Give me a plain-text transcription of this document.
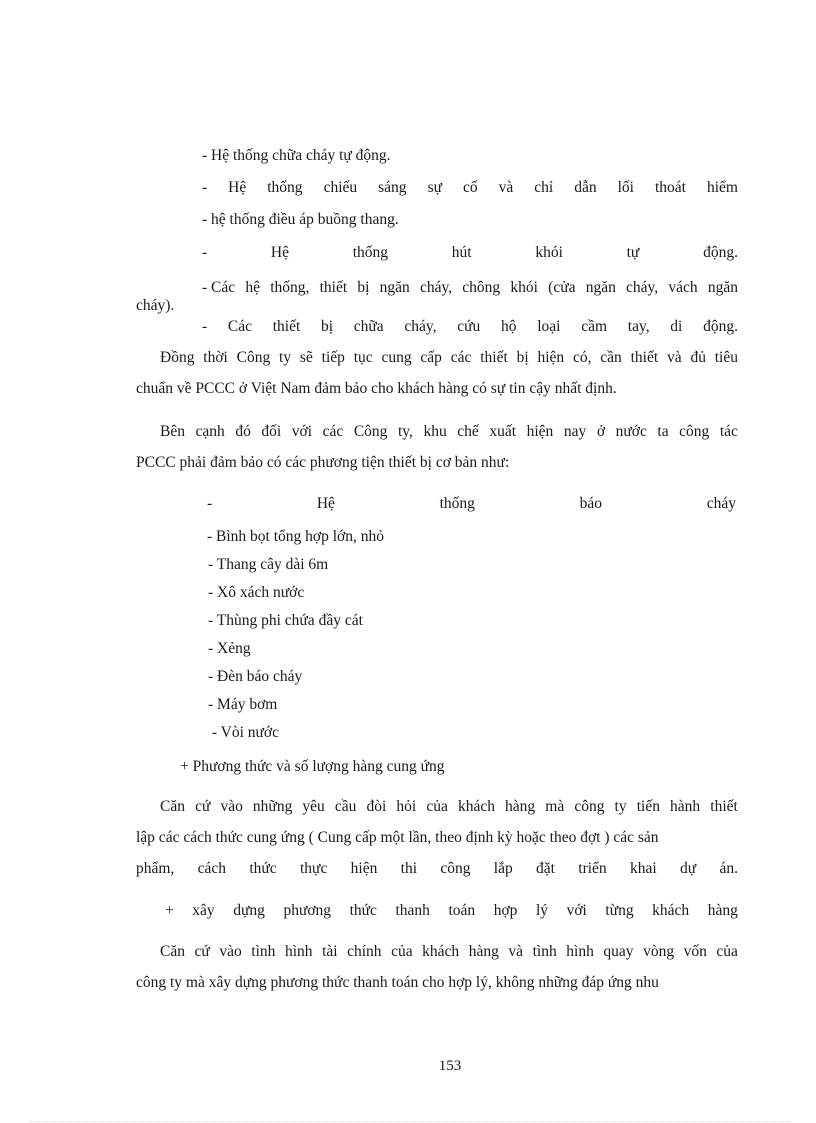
- Hệ thống chữa cháy tự động.
- Hệ thống chiếu sáng sự cố và chỉ dẫn lối thoát hiểm
- hệ thống điều áp buồng thang.
-	Hệ	thống	hút	khói	tự	động.
- Các hệ thống, thiết bị ngăn cháy, chông khói (cửa ngăn cháy, vách ngăn
cháy).
- Các thiết bị chữa cháy, cứu hộ loại cầm tay, di động.
Đồng thời Công ty sẽ tiếp tục cung cấp các thiết bị hiện có, cần thiết và đủ tiêu
chuẩn về PCCC ở Việt Nam đảm bảo cho khách hàng có sự tin cậy nhất định.
Bên cạnh đó đối với các Công ty, khu chế xuất hiện nay ở nước ta công tác
PCCC phải đảm bảo có các phương tiện thiết bị cơ bản như:
-	Hệ	thống	báo	cháy
- Bình bọt tổng hợp lớn, nhỏ
- Thang cây dài 6m
- Xô xách nước
- Thùng phi chứa đầy cát
- Xẻng
- Đèn báo cháy
- Máy bơm
- Vòi nước
+ Phương thức và số lượng hàng cung ứng
Căn cứ vào những yêu cầu đòi hỏi của khách hàng mà công ty tiến hành thiết
lập các cách thức cung ứng ( Cung cấp một lần, theo định kỳ hoặc theo đợt ) các sản
phẩm, cách thức thực hiện thi công lắp đặt triển khai dự án.
+ xây dựng phương thức thanh toán hợp lý với từng khách hàng
Căn cứ vào tình hình tài chính của khách hàng và tình hình quay vòng vốn của
công ty mà xây dựng phương thức thanh toán cho hợp lý, không những đáp ứng nhu
153
